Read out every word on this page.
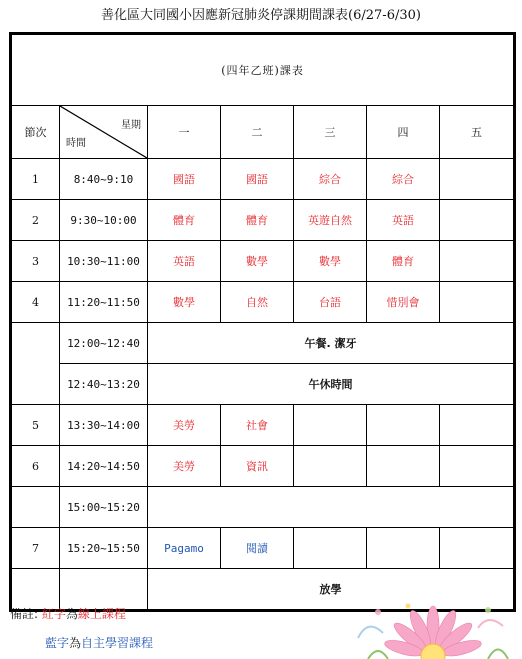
善化區大同國小因應新冠肺炎停課期間課表(6/27-6/30)
(四年乙班)課表						
節次	星期
時間	一	二	三	四	五
1	8:40~9:10	國語	國語	綜合	綜合	
2	9:30~10:00	體育	體育	英遊自然	英語	
3	10:30~11:00	英語	數學	數學	體育	
4	11:20~11:50	數學	自然	台語	惜別會	
	12:00~12:40	午餐. 潔牙				
	12:40~13:20	午休時間				
5	13:30~14:00	美勞	社會			
6	14:20~14:50	美勞	資訊			
	15:00~15:20					
7	15:20~15:50	Pagamo	閱讀			
		放學				
備註: 紅字為線上課程
藍字為自主學習課程
